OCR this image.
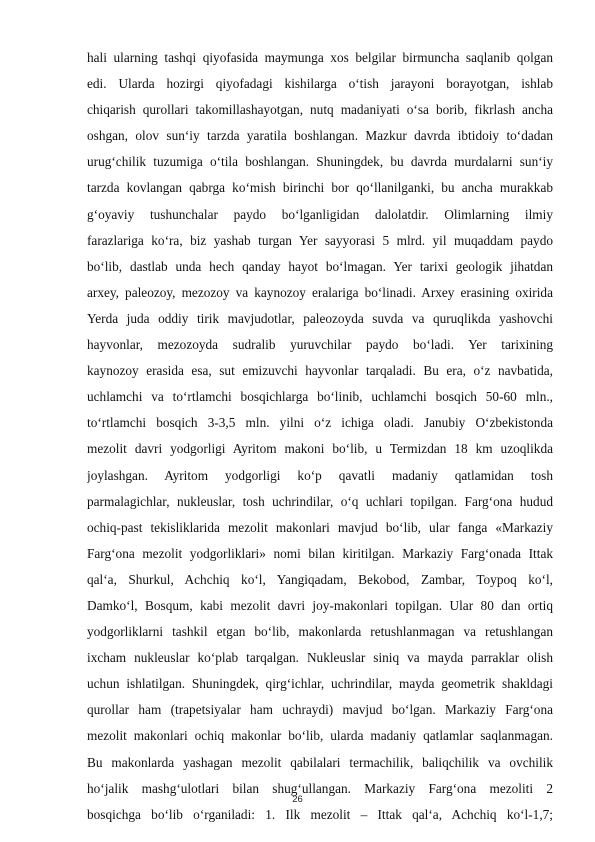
hali ularning tashqi qiyofasida maymunga xos belgilar birmuncha saqlanib qolgan
edi. Ularda hozirgi qiyofadagi kishilarga o‘tish jarayoni borayotgan, ishlab
chiqarish qurollari takomillashayotgan, nutq madaniyati o‘sa borib, fikrlash ancha
oshgan, olov sun‘iy tarzda yaratila boshlangan. Mazkur davrda ibtidoiy to‘dadan
urug‘chilik tuzumiga o‘tila boshlangan. Shuningdek, bu davrda murdalarni sun‘iy
tarzda kovlangan qabrga ko‘mish birinchi bor qo‘llanilganki, bu ancha murakkab
g‘oyaviy tushunchalar paydo bo‘lganligidan dalolatdir. Olimlarning ilmiy
farazlariga ko‘ra, biz yashab turgan Yer sayyorasi 5 mlrd. yil muqaddam paydo
bo‘lib, dastlab unda hech qanday hayot bo‘lmagan. Yer tarixi geologik jihatdan
arxey, paleozoy, mezozoy va kaynozoy eralariga bo‘linadi. Arxey erasining oxirida
Yerda juda oddiy tirik mavjudotlar, paleozoyda suvda va quruqlikda yashovchi
hayvonlar, mezozoyda sudralib yuruvchilar paydo bo‘ladi. Yer tarixining
kaynozoy erasida esa, sut emizuvchi hayvonlar tarqaladi. Bu era, o‘z navbatida,
uchlamchi va to‘rtlamchi bosqichlarga bo‘linib, uchlamchi bosqich 50-60 mln.,
to‘rtlamchi bosqich 3-3,5 mln. yilni o‘z ichiga oladi. Janubiy O‘zbekistonda
mezolit davri yodgorligi Ayritom makoni bo‘lib, u Termizdan 18 km uzoqlikda
joylashgan. Ayritom yodgorligi ko‘p qavatli madaniy qatlamidan tosh
parmalagichlar, nukleuslar, tosh uchrindilar, o‘q uchlari topilgan. Farg‘ona hudud
ochiq-past tekisliklarida mezolit makonlari mavjud bo‘lib, ular fanga «Markaziy
Farg‘ona mezolit yodgorliklari» nomi bilan kiritilgan. Markaziy Farg‘onada Ittak
qal‘a, Shurkul, Achchiq ko‘l, Yangiqadam, Bekobod, Zambar, Toypoq ko‘l,
Damko‘l, Bosqum, kabi mezolit davri joy-makonlari topilgan. Ular 80 dan ortiq
yodgorliklarni tashkil etgan bo‘lib, makonlarda retushlanmagan va retushlangan
ixcham nukleuslar ko‘plab tarqalgan. Nukleuslar siniq va mayda parraklar olish
uchun ishlatilgan. Shuningdek, qirg‘ichlar, uchrindilar, mayda geometrik shakldagi
qurollar ham (trapetsiyalar ham uchraydi) mavjud bo‘lgan. Markaziy Farg‘ona
mezolit makonlari ochiq makonlar bo‘lib, ularda madaniy qatlamlar saqlanmagan.
Bu makonlarda yashagan mezolit qabilalari termachilik, baliqchilik va ovchilik
ho‘jalik mashg‘ulotlari bilan shug‘ullangan. Markaziy Farg‘ona mezoliti 2
bosqichga bo‘lib o‘rganiladi: 1. Ilk mezolit – Ittak qal‘a, Achchiq ko‘l-1,7;
26
